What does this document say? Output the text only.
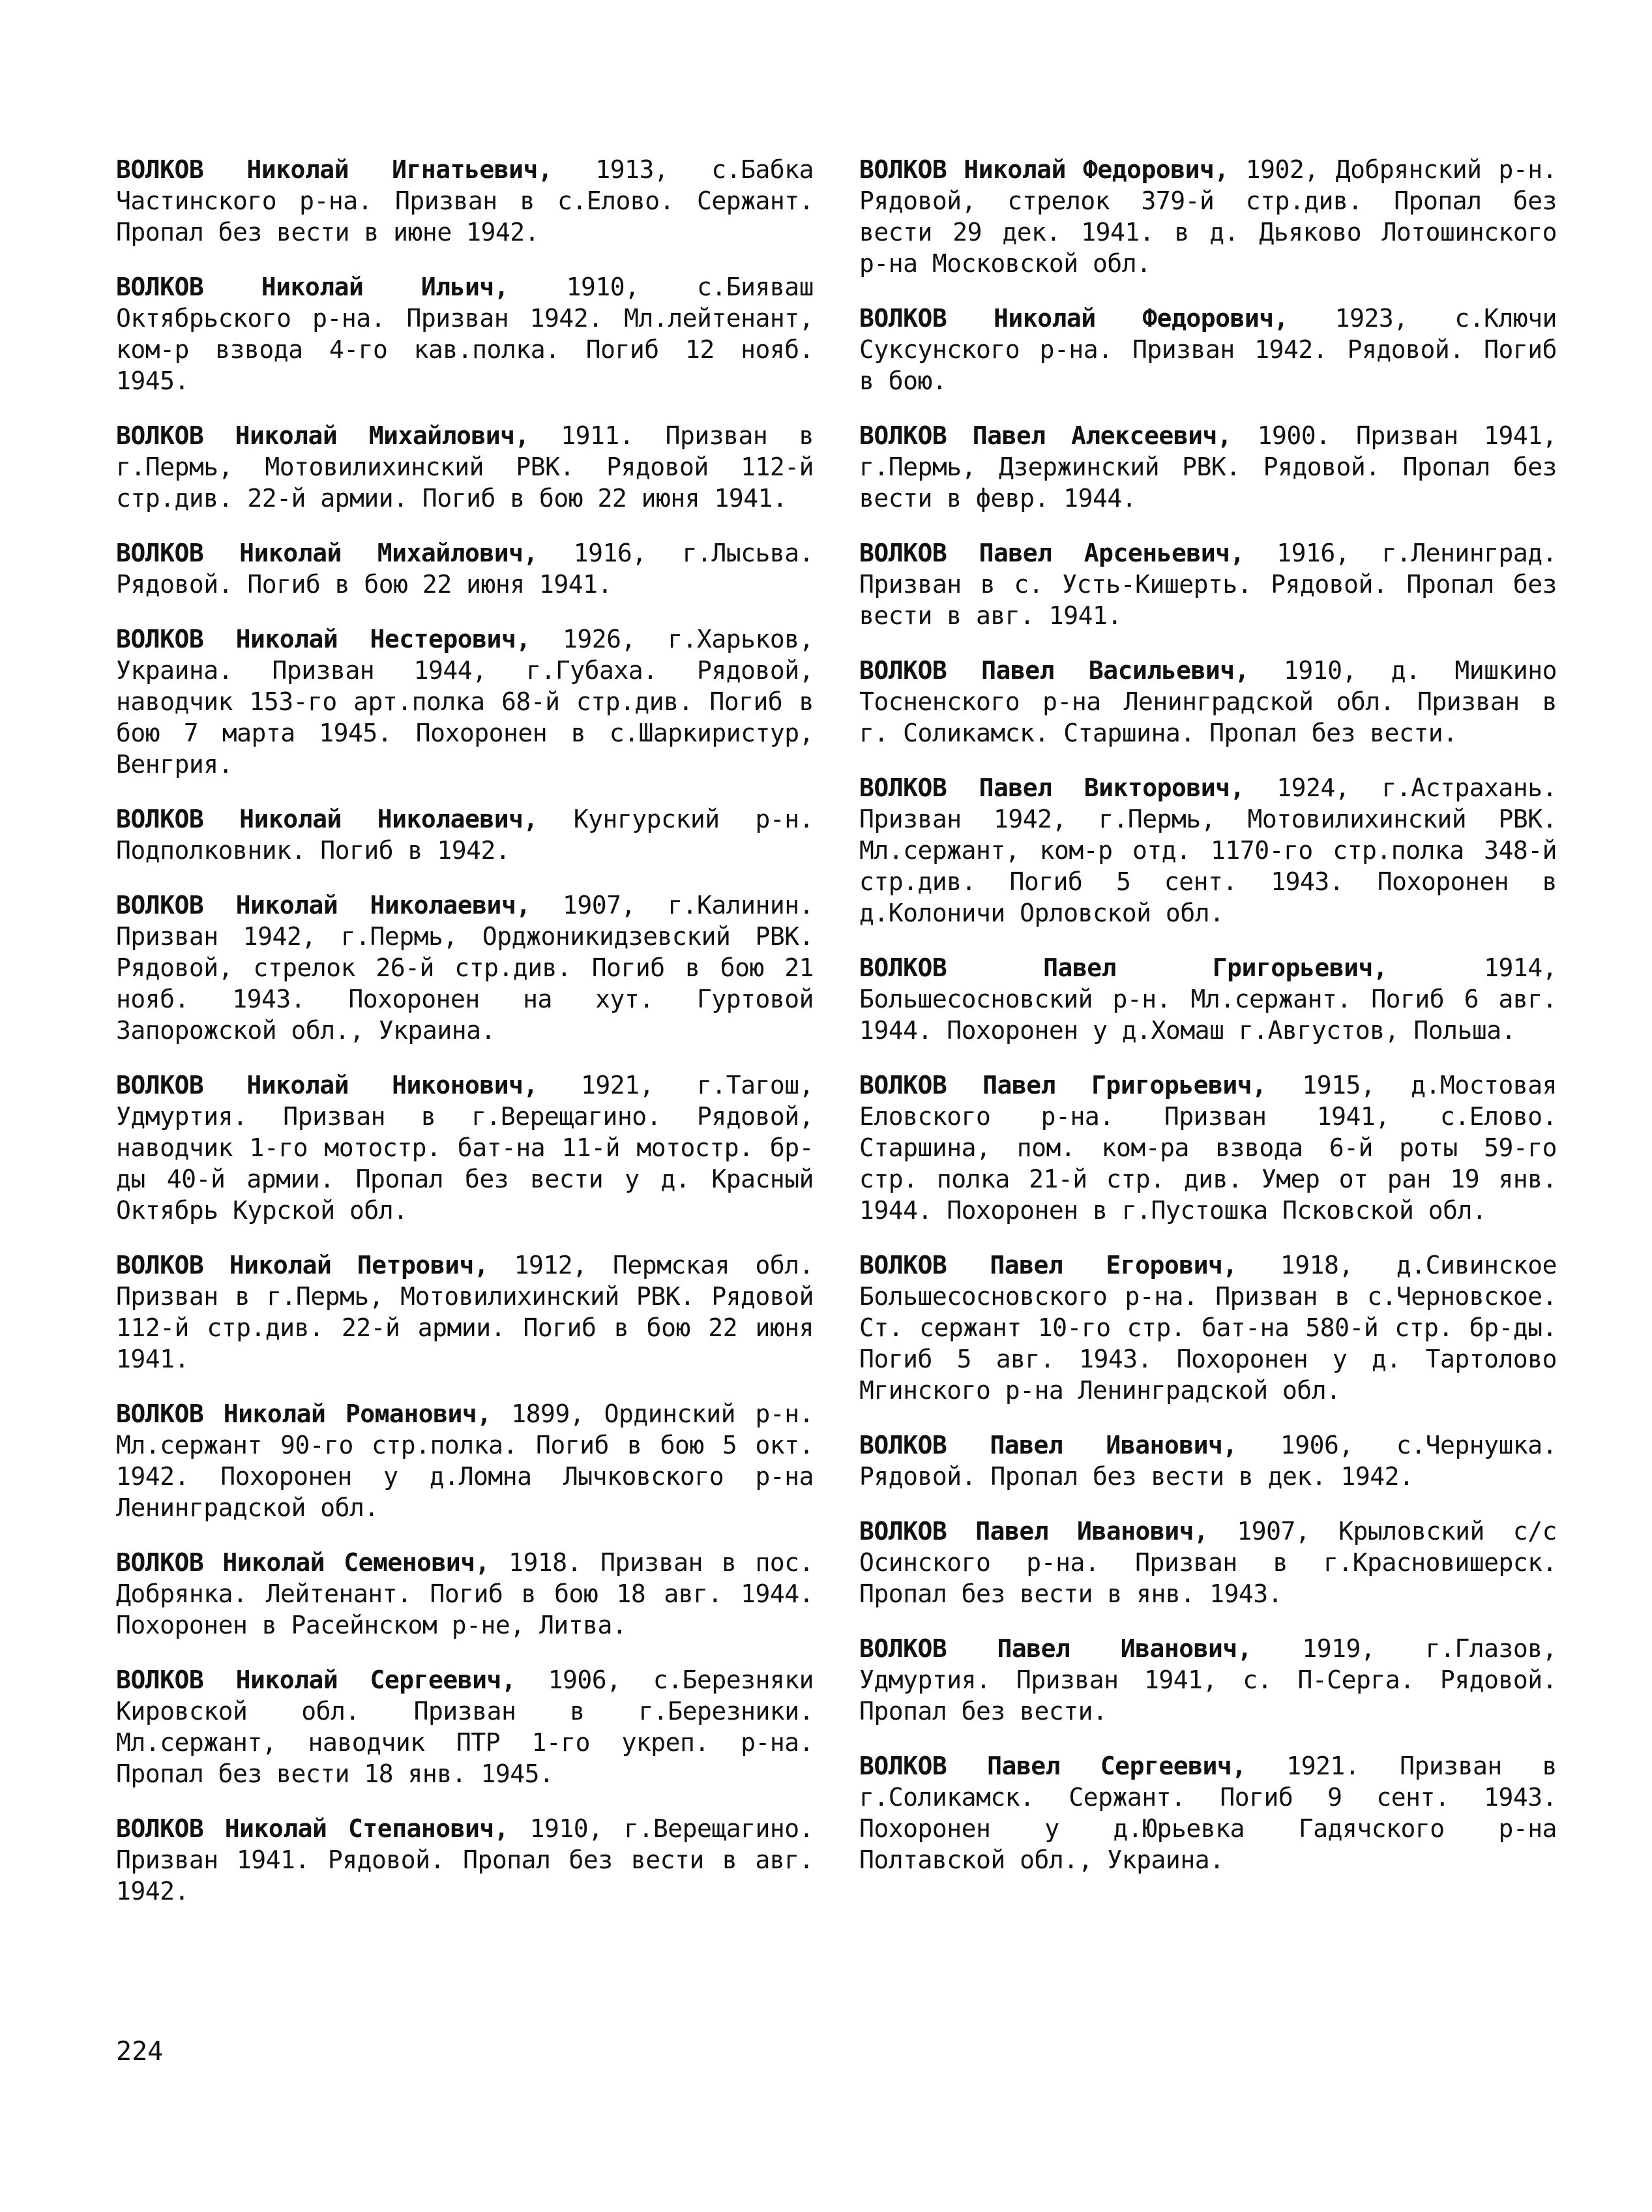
ВОЛКОВ Николай Игнатьевич, 1913, с.Бабка Частинского р-на. Призван в с.Елово. Сержант. Пропал без вести в июне 1942.

ВОЛКОВ Николай Ильич, 1910, с.Бияваш Октябрьского р-на. Призван 1942. Мл.лейтенант, ком-р взвода 4-го кав.полка. Погиб 12 нояб. 1945.

ВОЛКОВ Николай Михайлович, 1911. Призван в г.Пермь, Мотовилихинский РВК. Рядовой 112-й стр.див. 22-й армии. Погиб в бою 22 июня 1941.

ВОЛКОВ Николай Михайлович, 1916, г.Лысьва. Рядовой. Погиб в бою 22 июня 1941.

ВОЛКОВ Николай Нестерович, 1926, г.Харьков, Украина. Призван 1944, г.Губаха. Рядовой, наводчик 153-го арт.полка 68-й стр.див. Погиб в бою 7 марта 1945. Похоронен в с.Шаркиристур, Венгрия.

ВОЛКОВ Николай Николаевич, Кунгурский р-н. Подполковник. Погиб в 1942.

ВОЛКОВ Николай Николаевич, 1907, г.Калинин. Призван 1942, г.Пермь, Орджоникидзевский РВК. Рядовой, стрелок 26-й стр.див. Погиб в бою 21 нояб. 1943. Похоронен на хут. Гуртовой Запорожской обл., Украина.

ВОЛКОВ Николай Никонович, 1921, г.Тагош, Удмуртия. Призван в г.Верещагино. Рядовой, наводчик 1-го мотостр. бат-на 11-й мотостр. бр-ды 40-й армии. Пропал без вести у д. Красный Октябрь Курской обл.

ВОЛКОВ Николай Петрович, 1912, Пермская обл. Призван в г.Пермь, Мотовилихинский РВК. Рядовой 112-й стр.див. 22-й армии. Погиб в бою 22 июня 1941.

ВОЛКОВ Николай Романович, 1899, Ординский р-н. Мл.сержант 90-го стр.полка. Погиб в бою 5 окт. 1942. Похоронен у д.Ломна Лычковского р-на Ленинградской обл.

ВОЛКОВ Николай Семенович, 1918. Призван в пос. Добрянка. Лейтенант. Погиб в бою 18 авг. 1944. Похоронен в Расейнском р-не, Литва.

ВОЛКОВ Николай Сергеевич, 1906, с.Березняки Кировской обл. Призван в г.Березники. Мл.сержант, наводчик ПТР 1-го укреп. р-на. Пропал без вести 18 янв. 1945.

ВОЛКОВ Николай Степанович, 1910, г.Верещагино. Призван 1941. Рядовой. Пропал без вести в авг. 1942.

ВОЛКОВ Николай Федорович, 1902, Добрянский р-н. Рядовой, стрелок 379-й стр.див. Пропал без вести 29 дек. 1941. в д. Дьяково Лотошинского р-на Московской обл.

ВОЛКОВ Николай Федорович, 1923, с.Ключи Суксунского р-на. Призван 1942. Рядовой. Погиб в бою.

ВОЛКОВ Павел Алексеевич, 1900. Призван 1941, г.Пермь, Дзержинский РВК. Рядовой. Пропал без вести в февр. 1944.

ВОЛКОВ Павел Арсеньевич, 1916, г.Ленинград. Призван в с. Усть-Кишерть. Рядовой. Пропал без вести в авг. 1941.

ВОЛКОВ Павел Васильевич, 1910, д. Мишкино Тосненского р-на Ленинградской обл. Призван в г. Соликамск. Старшина. Пропал без вести.

ВОЛКОВ Павел Викторович, 1924, г.Астрахань. Призван 1942, г.Пермь, Мотовилихинский РВК. Мл.сержант, ком-р отд. 1170-го стр.полка 348-й стр.див. Погиб 5 сент. 1943. Похоронен в д.Колоничи Орловской обл.

ВОЛКОВ Павел Григорьевич,	1914, Большесосновский р-н. Мл.сержант. Погиб 6 авг. 1944. Похоронен у д.Хомаш г.Августов, Польша.

ВОЛКОВ Павел Григорьевич, 1915, д.Мостовая Еловского р-на. Призван 1941, с.Елово. Старшина, пом. ком-ра взвода 6-й роты 59-го стр. полка 21-й стр. див. Умер от ран 19 янв. 1944. Похоронен в г.Пустошка Псковской обл.

ВОЛКОВ Павел Егорович, 1918, д.Сивинское Большесосновского р-на. Призван в с.Черновское. Ст. сержант 10-го стр. бат-на 580-й стр. бр-ды. Погиб 5 авг. 1943. Похоронен у д. Тартолово Мгинского р-на Ленинградской обл.

ВОЛКОВ Павел Иванович, 1906, с.Чернушка. Рядовой. Пропал без вести в дек. 1942.

ВОЛКОВ Павел Иванович, 1907, Крыловский с/с Осинского р-на. Призван в г.Красновишерск. Пропал без вести в янв. 1943.

ВОЛКОВ Павел Иванович, 1919, г.Глазов, Удмуртия. Призван 1941, с. П-Серга. Рядовой. Пропал без вести.

ВОЛКОВ Павел Сергеевич, 1921. Призван в г.Соликамск. Сержант. Погиб 9 сент. 1943. Похоронен у д.Юрьевка Гадячского р-на Полтавской обл., Украина.

224
